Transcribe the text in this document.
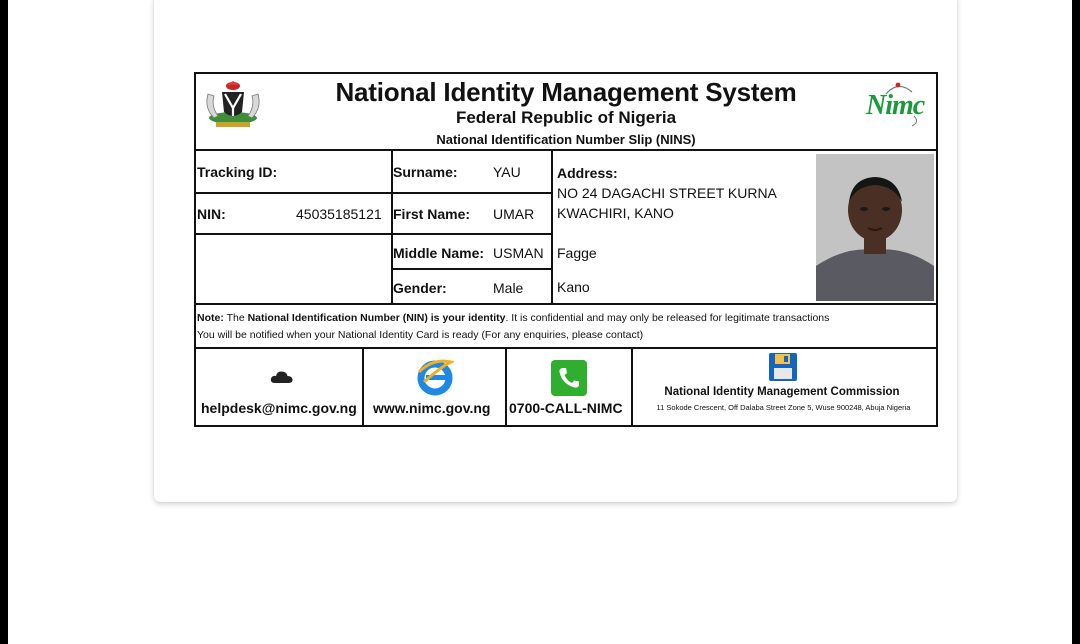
National Identity Management System
Federal Republic of Nigeria
National Identification Number Slip (NINS)
Nimc
Tracking ID:
NIN:	45035185121
Surname:	YAU
First Name: UMAR
Middle Name: USMAN
Gender:	Male
Address:
NO 24 DAGACHI STREET KURNA
KWACHIRI, KANO
Fagge
Kano
Note: The National Identification Number (NIN) is your identity. It is confidential and may only be released for legitimate transactions
You will be notified when your National Identity Card is ready (For any enquiries, please contact)
helpdesk@nimc.gov.ng www.nimc.gov.ng 0700-CALL-NIMC
National Identity Management Commission
11 Sokode Crescent, Off Dalaba Street Zone 5, Wuse 900248, Abuja Nigeria
